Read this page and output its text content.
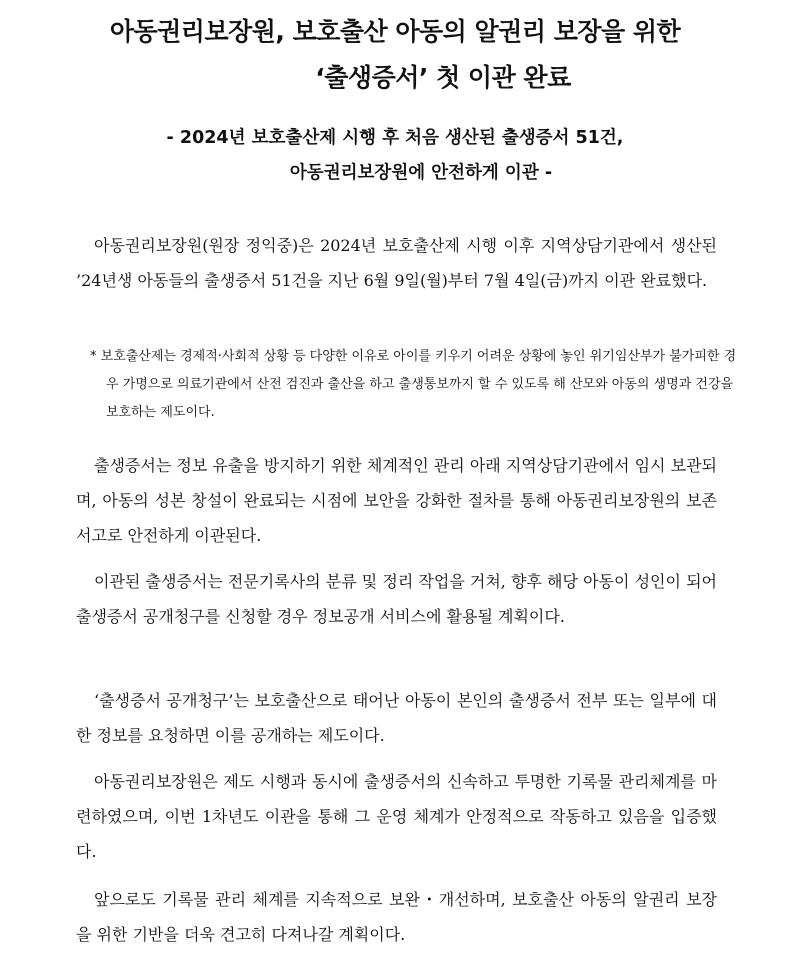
아동권리보장원, 보호출산 아동의 알권리 보장을 위한
‘출생증서’ 첫 이관 완료
- 2024년 보호출산제 시행 후 처음 생산된 출생증서 51건,
아동권리보장원에 안전하게 이관 -

아동권리보장원(원장 정익중)은 2024년 보호출산제 시행 이후 지역상담기관에서 생산된 ’24년생 아동들의 출생증서 51건을 지난 6월 9일(월)부터 7월 4일(금)까지 이관 완료했다.

* 보호출산제는 경제적·사회적 상황 등 다양한 이유로 아이를 키우기 어려운 상황에 놓인 위기임산부가 불가피한 경우 가명으로 의료기관에서 산전 검진과 출산을 하고 출생통보까지 할 수 있도록 해 산모와 아동의 생명과 건강을 보호하는 제도이다.

출생증서는 정보 유출을 방지하기 위한 체계적인 관리 아래 지역상담기관에서 임시 보관되며, 아동의 성본 창설이 완료되는 시점에 보안을 강화한 절차를 통해 아동권리보장원의 보존서고로 안전하게 이관된다.

이관된 출생증서는 전문기록사의 분류 및 정리 작업을 거쳐, 향후 해당 아동이 성인이 되어 출생증서 공개청구를 신청할 경우 정보공개 서비스에 활용될 계획이다.

‘출생증서 공개청구’는 보호출산으로 태어난 아동이 본인의 출생증서 전부 또는 일부에 대한 정보를 요청하면 이를 공개하는 제도이다.

아동권리보장원은 제도 시행과 동시에 출생증서의 신속하고 투명한 기록물 관리체계를 마련하였으며, 이번 1차년도 이관을 통해 그 운영 체계가 안정적으로 작동하고 있음을 입증했다.

앞으로도 기록물 관리 체계를 지속적으로 보완・개선하며, 보호출산 아동의 알권리 보장을 위한 기반을 더욱 견고히 다져나갈 계획이다.
